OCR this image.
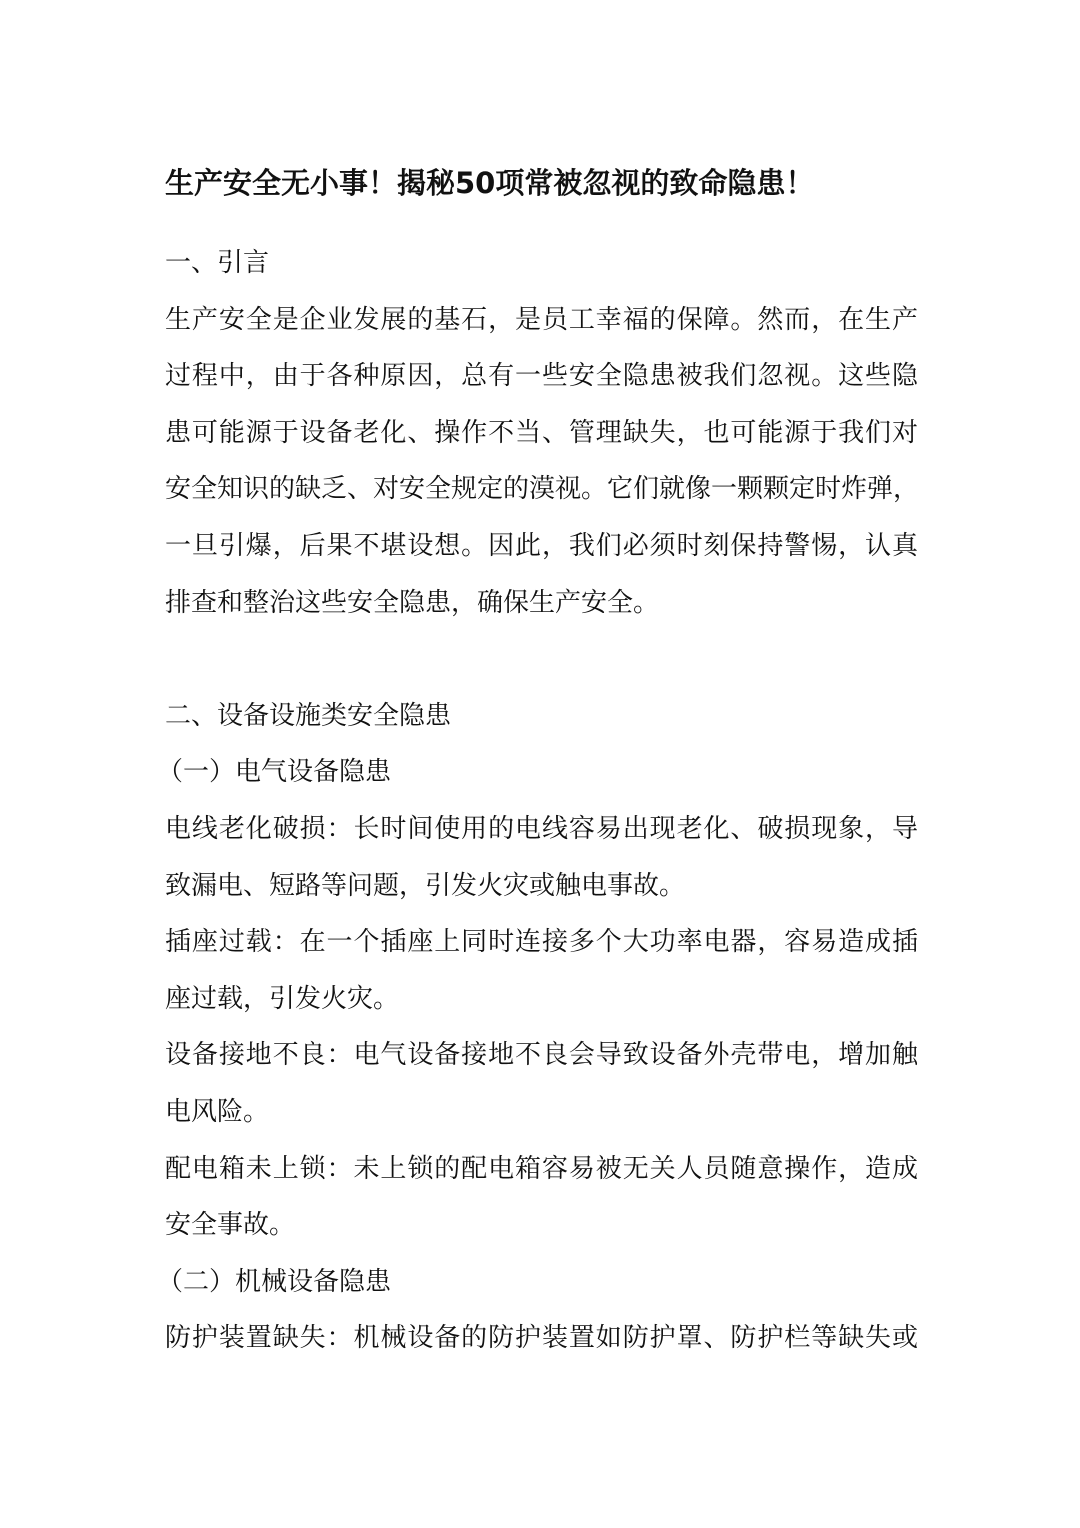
生产安全无小事！揭秘50项常被忽视的致命隐患！
一、引言
生产安全是企业发展的基石，是员工幸福的保障。然而，在生产
过程中，由于各种原因，总有一些安全隐患被我们忽视。这些隐
患可能源于设备老化、操作不当、管理缺失，也可能源于我们对
安全知识的缺乏、对安全规定的漠视。它们就像一颗颗定时炸弹，
一旦引爆，后果不堪设想。因此，我们必须时刻保持警惕，认真
排查和整治这些安全隐患，确保生产安全。
二、设备设施类安全隐患
（一）电气设备隐患
电线老化破损：长时间使用的电线容易出现老化、破损现象，导
致漏电、短路等问题，引发火灾或触电事故。
插座过载：在一个插座上同时连接多个大功率电器，容易造成插
座过载，引发火灾。
设备接地不良：电气设备接地不良会导致设备外壳带电，增加触
电风险。
配电箱未上锁：未上锁的配电箱容易被无关人员随意操作，造成
安全事故。
（二）机械设备隐患
防护装置缺失：机械设备的防护装置如防护罩、防护栏等缺失或
